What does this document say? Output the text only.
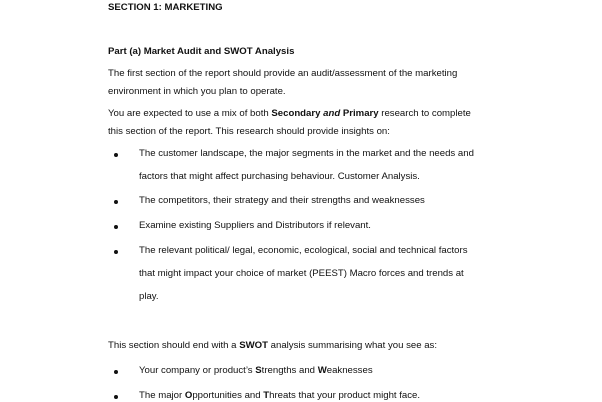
SECTION 1: MARKETING
Part (a) Market Audit and SWOT Analysis
The first section of the report should provide an audit/assessment of the marketing
environment in which you plan to operate.
You are expected to use a mix of both Secondary and Primary research to complete
this section of the report. This research should provide insights on:
The customer landscape, the major segments in the market and the needs and
factors that might affect purchasing behaviour. Customer Analysis.
The competitors, their strategy and their strengths and weaknesses
Examine existing Suppliers and Distributors if relevant.
The relevant political/ legal, economic, ecological, social and technical factors
that might impact your choice of market (PEEST) Macro forces and trends at
play.
This section should end with a SWOT analysis summarising what you see as:
Your company or product’s Strengths and Weaknesses
The major Opportunities and Threats that your product might face.
